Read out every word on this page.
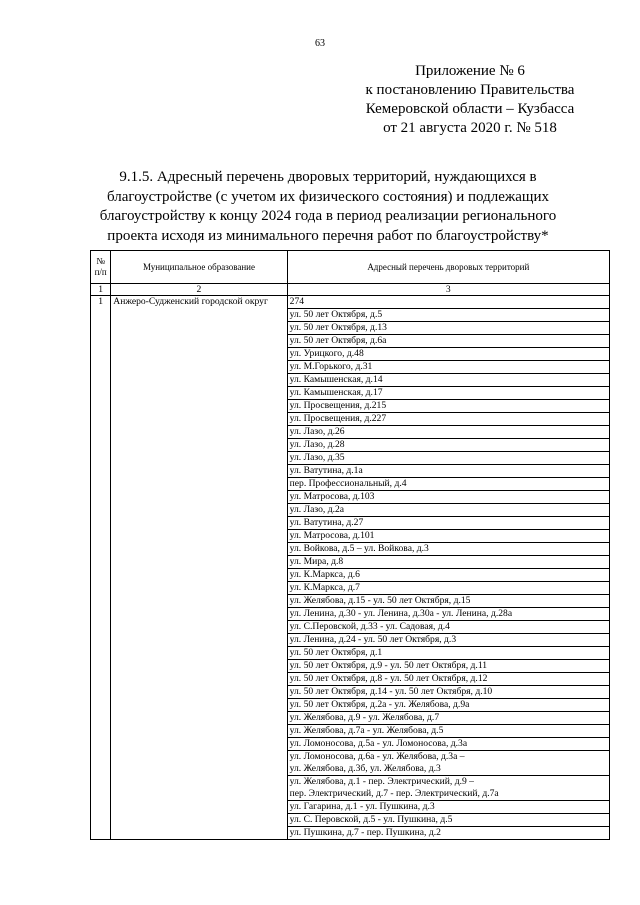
63
Приложение № 6
к постановлению Правительства
Кемеровской области – Кузбасса
от 21 августа 2020 г. № 518
9.1.5. Адресный перечень дворовых территорий, нуждающихся в
благоустройстве (с учетом их физического состояния) и подлежащих
благоустройству к концу 2024 года в период реализации регионального
проекта исходя из минимального перечня работ по благоустройству*
№ п/п	Муниципальное образование	Адресный перечень дворовых территорий
1	2	3
1	Анжеро-Судженский городской округ	274

		ул. 50 лет Октября, д.5

		ул. 50 лет Октября, д.13

		ул. 50 лет Октября, д.6а

		ул. Урицкого, д.48

		ул. М.Горького, д.31

		ул. Камышенская, д.14

		ул. Камышенская, д.17

		ул. Просвещения, д.215

		ул. Просвещения, д.227

		ул. Лазо, д.26

		ул. Лазо, д.28

		ул. Лазо, д.35

		ул. Ватутина, д.1а

		пер. Профессиональный, д.4

		ул. Матросова, д.103

		ул. Лазо, д.2а

		ул. Ватутина, д.27

		ул. Матросова, д.101

		ул. Войкова, д.5 – ул. Войкова, д.3

		ул. Мира, д.8

		ул. К.Маркса, д.6

		ул. К.Маркса, д.7

		ул. Желябова, д.15 - ул. 50 лет Октября, д.15

		ул. Ленина, д.30 - ул. Ленина, д.30а - ул. Ленина, д.28а

		ул. С.Перовской, д.33 - ул. Садовая, д.4

		ул. Ленина, д.24 - ул. 50 лет Октября, д.3

		ул. 50 лет Октября, д.1

		ул. 50 лет Октября, д.9 - ул. 50 лет Октября, д.11

		ул. 50 лет Октября, д.8 - ул. 50 лет Октября, д.12

		ул. 50 лет Октября, д.14 - ул. 50 лет Октября, д.10

		ул. 50 лет Октября, д.2а - ул. Желябова, д.9а

		ул. Желябова, д.9 - ул. Желябова, д.7

		ул. Желябова, д.7а - ул. Желябова, д.5

		ул. Ломоносова, д.5а - ул. Ломоносова, д.3а

		ул. Ломоносова, д.6а - ул. Желябова, д.3а –
ул. Желябова, д.3б, ул. Желябова, д.3

		ул. Желябова, д.1 - пер. Электрический, д.9 –
пер. Электрический, д.7 - пер. Электрический, д.7а

		ул. Гагарина, д.1 - ул. Пушкина, д.3

		ул. С. Перовской, д.5 - ул. Пушкина, д.5

		ул. Пушкина, д.7 - пер. Пушкина, д.2
